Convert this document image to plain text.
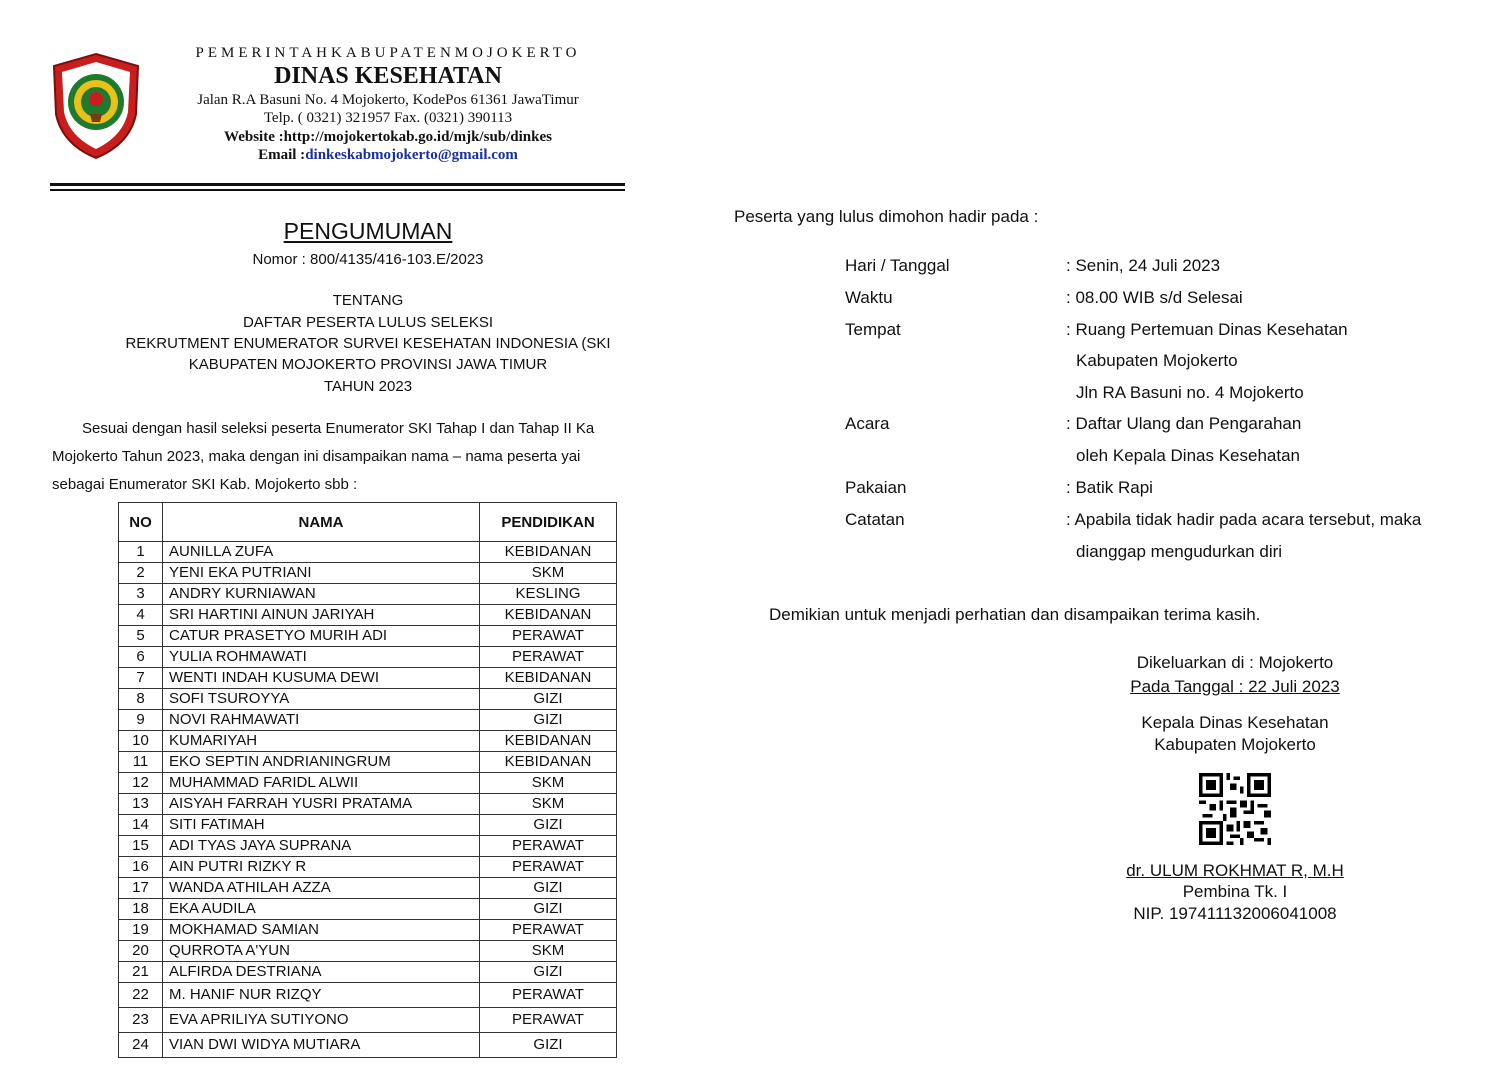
PEMERINTAHKABUPATENMOJOKERTO
DINAS KESEHATAN
Jalan R.A Basuni No. 4 Mojokerto, KodePos 61361 JawaTimur
Telp. ( 0321) 321957 Fax. (0321) 390113
Website :http://mojokertokab.go.id/mjk/sub/dinkes
Email :dinkeskabmojokerto@gmail.com
PENGUMUMAN
Nomor : 800/4135/416-103.E/2023
TENTANG
DAFTAR PESERTA LULUS SELEKSI
REKRUTMENT ENUMERATOR SURVEI KESEHATAN INDONESIA (SKI
KABUPATEN MOJOKERTO PROVINSI JAWA TIMUR
TAHUN 2023
Sesuai dengan hasil seleksi peserta Enumerator SKI Tahap I dan Tahap II Ka
Mojokerto Tahun 2023, maka dengan ini disampaikan nama – nama peserta yai
sebagai Enumerator SKI Kab. Mojokerto sbb :
NO	NAMA	PENDIDIKAN
1	AUNILLA ZUFA	KEBIDANAN
2	YENI EKA PUTRIANI	SKM
3	ANDRY KURNIAWAN	KESLING
4	SRI HARTINI AINUN JARIYAH	KEBIDANAN
5	CATUR PRASETYO MURIH ADI	PERAWAT
6	YULIA ROHMAWATI	PERAWAT
7	WENTI INDAH KUSUMA DEWI	KEBIDANAN
8	SOFI TSUROYYA	GIZI
9	NOVI RAHMAWATI	GIZI
10	KUMARIYAH	KEBIDANAN
11	EKO SEPTIN ANDRIANINGRUM	KEBIDANAN
12	MUHAMMAD FARIDL ALWII	SKM
13	AISYAH FARRAH YUSRI PRATAMA	SKM
14	SITI FATIMAH	GIZI
15	ADI TYAS JAYA SUPRANA	PERAWAT
16	AIN PUTRI RIZKY R	PERAWAT
17	WANDA ATHILAH AZZA	GIZI
18	EKA AUDILA	GIZI
19	MOKHAMAD SAMIAN	PERAWAT
20	QURROTA A'YUN	SKM
21	ALFIRDA DESTRIANA	GIZI
22	M. HANIF NUR RIZQY	PERAWAT
23	EVA APRILIYA SUTIYONO	PERAWAT
24	VIAN DWI WIDYA MUTIARA	GIZI
Peserta yang lulus dimohon hadir pada :
Hari / Tanggal	: Senin, 24 Juli 2023
Waktu	: 08.00 WIB s/d Selesai
Tempat	: Ruang Pertemuan Dinas Kesehatan
Kabupaten Mojokerto
Jln RA Basuni no. 4 Mojokerto
Acara	: Daftar Ulang dan Pengarahan
oleh Kepala Dinas Kesehatan
Pakaian	: Batik Rapi
Catatan	: Apabila tidak hadir pada acara tersebut, maka
dianggap mengudurkan diri
Demikian untuk menjadi perhatian dan disampaikan terima kasih.
Dikeluarkan di : Mojokerto
Pada Tanggal : 22 Juli 2023
Kepala Dinas Kesehatan
Kabupaten Mojokerto
dr. ULUM ROKHMAT R, M.H
Pembina Tk. I
NIP. 197411132006041008
